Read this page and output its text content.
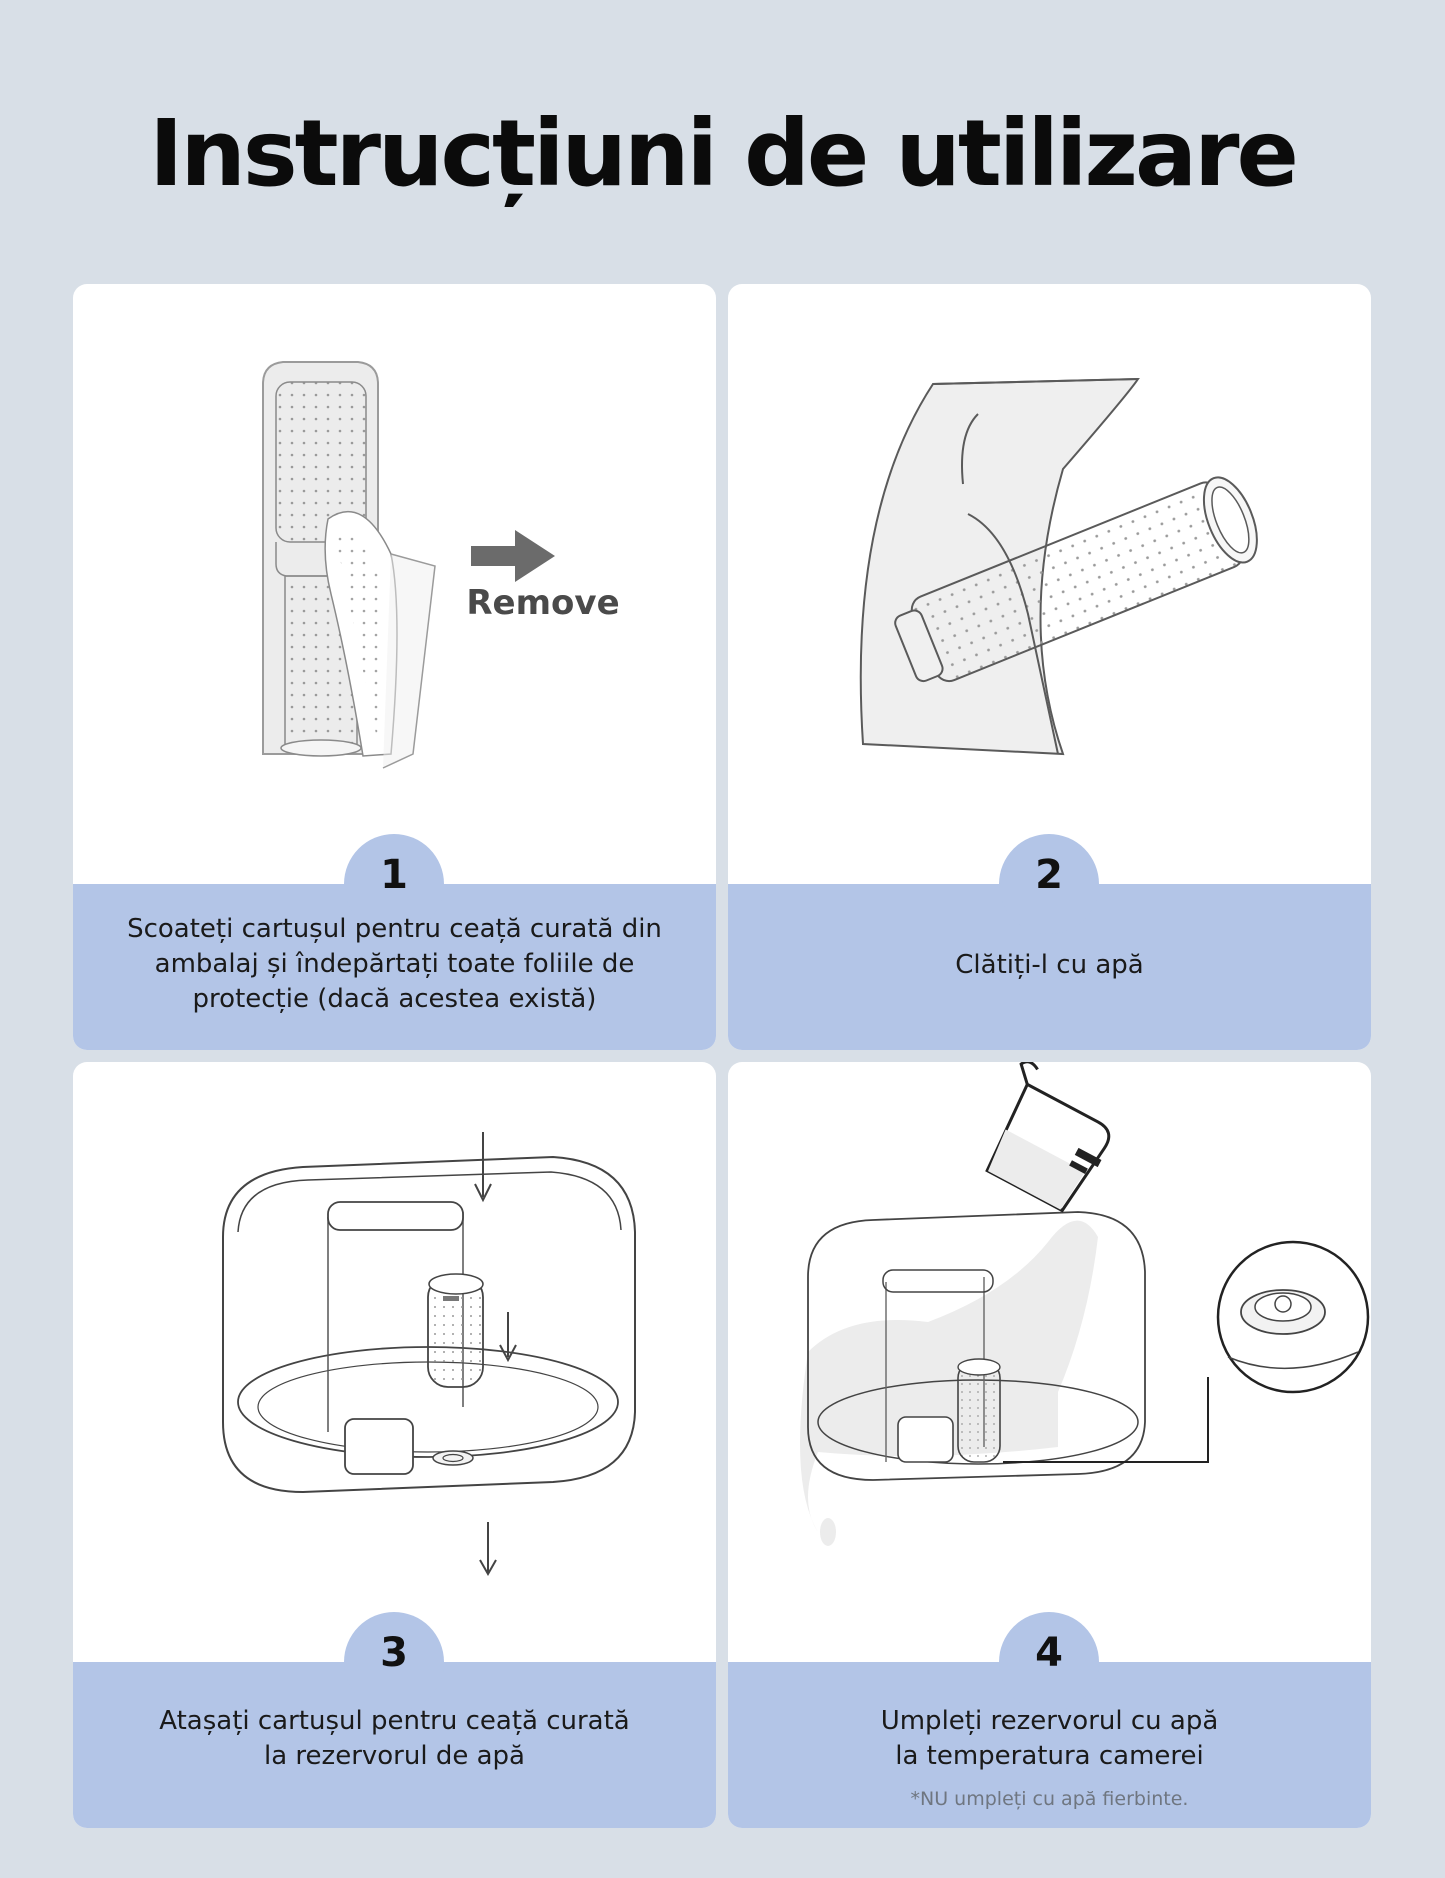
Instrucțiuni de utilizare
Remove
1
Scoateți cartușul pentru ceață curată din
ambalaj și îndepărtați toate foliile de
protecție (dacă acestea există)
2
Clătiți-l cu apă
3
Atașați cartușul pentru ceață curată
la rezervorul de apă
4
Umpleți rezervorul cu apă
la temperatura camerei
*NU umpleți cu apă fierbinte.
